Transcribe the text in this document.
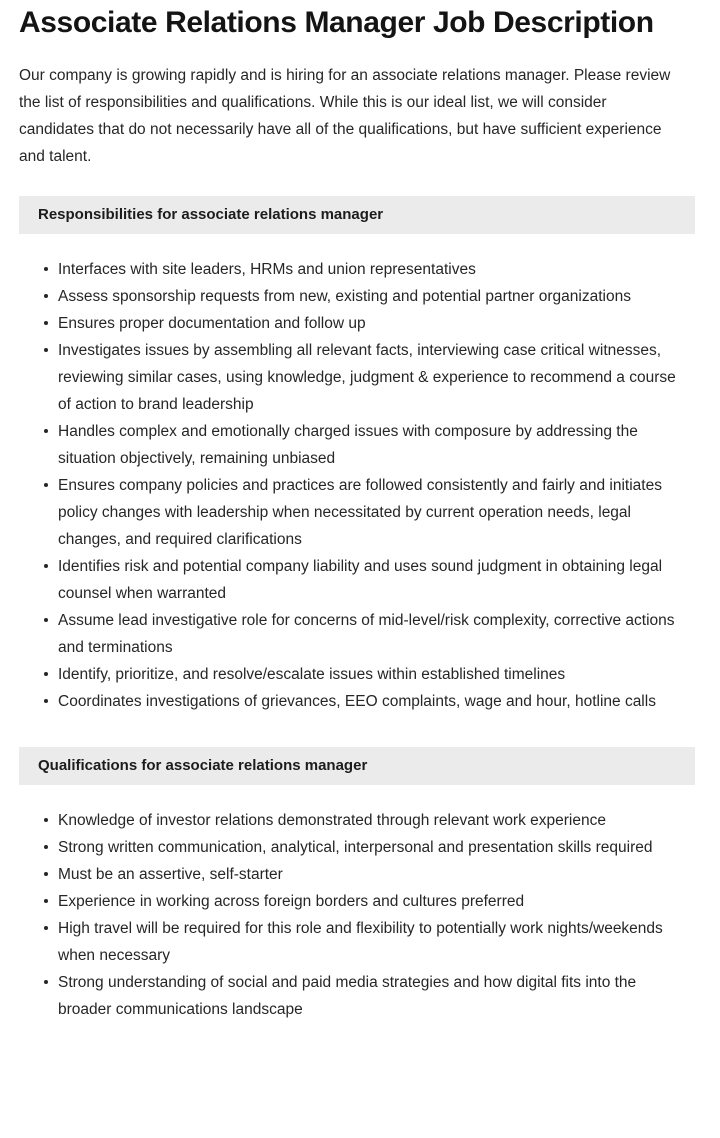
Associate Relations Manager Job Description

Our company is growing rapidly and is hiring for an associate relations manager. Please review the list of responsibilities and qualifications. While this is our ideal list, we will consider candidates that do not necessarily have all of the qualifications, but have sufficient experience and talent.

Responsibilities for associate relations manager
Interfaces with site leaders, HRMs and union representatives
Assess sponsorship requests from new, existing and potential partner organizations
Ensures proper documentation and follow up
Investigates issues by assembling all relevant facts, interviewing case critical witnesses, reviewing similar cases, using knowledge, judgment & experience to recommend a course of action to brand leadership
Handles complex and emotionally charged issues with composure by addressing the situation objectively, remaining unbiased
Ensures company policies and practices are followed consistently and fairly and initiates policy changes with leadership when necessitated by current operation needs, legal changes, and required clarifications
Identifies risk and potential company liability and uses sound judgment in obtaining legal counsel when warranted
Assume lead investigative role for concerns of mid-level/risk complexity, corrective actions and terminations
Identify, prioritize, and resolve/escalate issues within established timelines
Coordinates investigations of grievances, EEO complaints, wage and hour, hotline calls
Qualifications for associate relations manager
Knowledge of investor relations demonstrated through relevant work experience
Strong written communication, analytical, interpersonal and presentation skills required
Must be an assertive, self-starter
Experience in working across foreign borders and cultures preferred
High travel will be required for this role and flexibility to potentially work nights/weekends when necessary
Strong understanding of social and paid media strategies and how digital fits into the broader communications landscape
